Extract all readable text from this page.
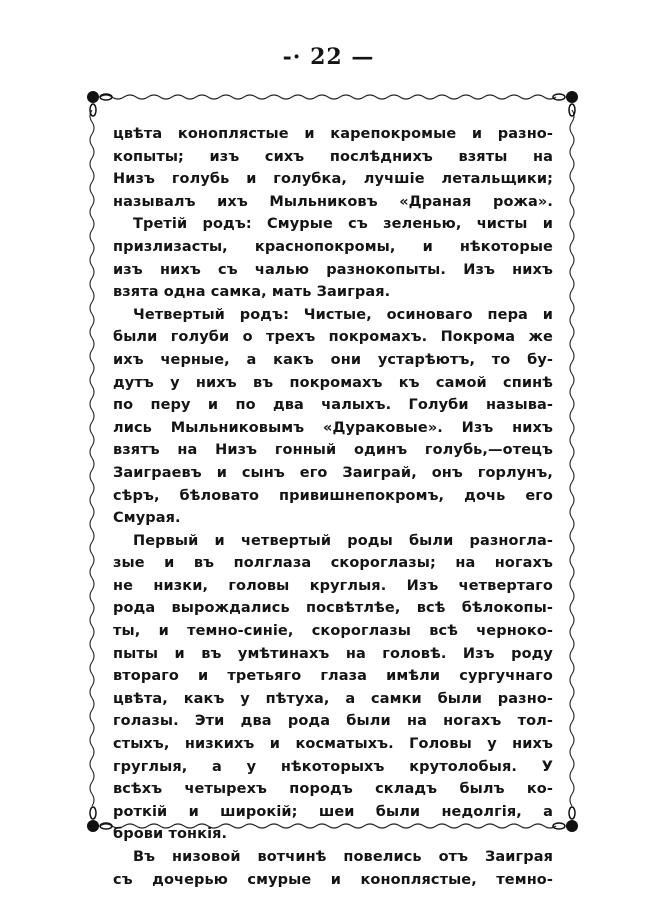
-· 22 —
цвѣта коноплястые и карепокромые и разно-
копыты; изъ сихъ послѣднихъ взяты на
Низъ голубь и голубка, лучшіе летальщики;
называлъ ихъ Мыльниковъ «Драная рожа».
Третій родъ: Смурые съ зеленью, чисты и
призлизасты, краснопокромы, и нѣкоторые
изъ нихъ съ чалью разнокопыты. Изъ нихъ
взята одна самка, мать Заиграя.
Четвертый родъ: Чистые, осиноваго пера и
были голуби о трехъ покромахъ. Покрома же
ихъ черные, а какъ они устарѣютъ, то бу-
дутъ у нихъ въ покромахъ къ самой спинѣ
по перу и по два чалыхъ. Голуби называ-
лись Мыльниковымъ «Дураковые». Изъ нихъ
взятъ на Низъ гонный одинъ голубь,—отецъ
Заиграевъ и сынъ его Заиграй, онъ горлунъ,
сѣръ, бѣловато привишнепокромъ, дочь его
Смурая.
Первый и четвертый роды были разногла-
зые и въ полглаза скороглазы; на ногахъ
не низки, головы круглыя. Изъ четвертаго
рода вырождались посвѣтлѣе, всѣ бѣлокопы-
ты, и темно-синіе, скороглазы всѣ черноко-
пыты и въ умѣтинахъ на головѣ. Изъ роду
втораго и третьяго глаза имѣли сургучнаго
цвѣта, какъ у пѣтуха, а самки были разно-
голазы. Эти два рода были на ногахъ тол-
стыхъ, низкихъ и косматыхъ. Головы у нихъ
груглыя, а у нѣкоторыхъ крутолобыя. У
всѣхъ четырехъ породъ складъ былъ ко-
роткій и широкій; шеи были недолгія, а
брови тонкія.
Въ низовой вотчинѣ повелись отъ Заиграя
съ дочерью смурые и коноплястые, темно-
